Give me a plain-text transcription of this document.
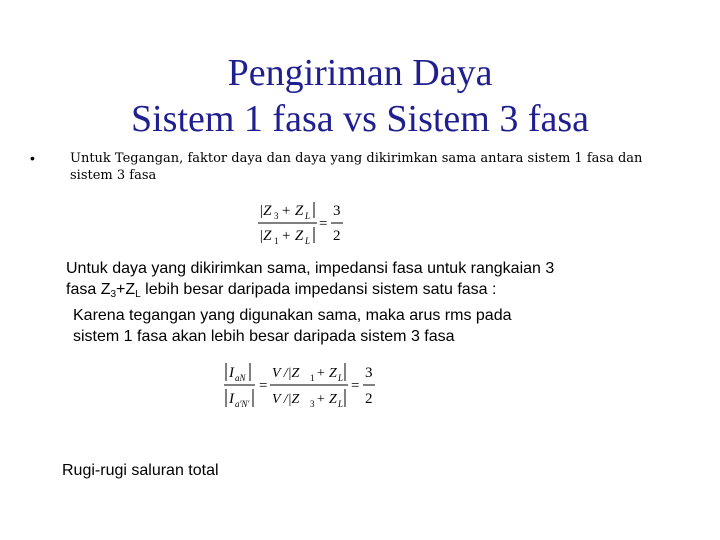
Pengiriman Daya
Sistem 1 fasa vs Sistem 3 fasa
•	Untuk Tegangan, faktor daya dan daya yang dikirimkan sama antara sistem 1 fasa dan sistem 3 fasa
|Z 3 + Z L
|Z 1 + Z L
=
3
2
Untuk daya yang dikirimkan sama, impedansi fasa untuk rangkaian 3
fasa $Z_3+Z_L$ lebih besar daripada impedansi sistem satu fasa :
Karena tegangan yang digunakan sama, maka arus rms pada
sistem 1 fasa akan lebih besar daripada sistem 3 fasa
I aN
I a'N'
=
V /|Z 1 + Z L
V /|Z 3 + Z L
=
3
2
Rugi-rugi saluran total
